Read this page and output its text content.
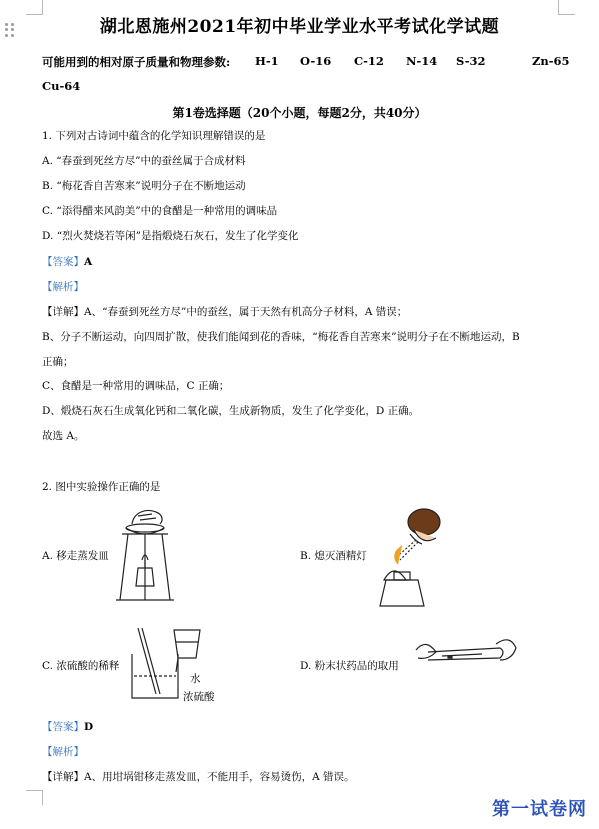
湖北恩施州2021年初中毕业学业水平考试化学试题
可能用到的相对原子质量和物理参数: H-1 O-16 C-12 N-14 S-32	Zn-65
Cu-64
第1卷选择题（20个小题，每题2分，共40分）
1. 下列对古诗词中蕴含的化学知识理解错误的是
A. “春蚕到死丝方尽”中的蚕丝属于合成材料
B. “梅花香自苦寒来”说明分子在不断地运动
C. “添得醋来风韵美”中的食醋是一种常用的调味品
D. “烈火焚烧若等闲”是指煅烧石灰石，发生了化学变化
【答案】A
【解析】
【详解】A、“春蚕到死丝方尽”中的蚕丝，属于天然有机高分子材料，A 错误；
B、分子不断运动，向四周扩散，使我们能闻到花的香味，“梅花香自苦寒来”说明分子在不断地运动，B
正确；
C、食醋是一种常用的调味品，C 正确；
D、煅烧石灰石生成氧化钙和二氧化碳，生成新物质，发生了化学变化，D 正确。
故选 A。
2. 图中实验操作正确的是
A. 移走蒸发皿	B. 熄灭酒精灯
水
浓硫酸
C. 浓硫酸的稀释	D. 粉末状药品的取用
【答案】D
【解析】
【详解】A、用坩埚钳移走蒸发皿，不能用手，容易烫伤，A 错误。
第一试卷网
